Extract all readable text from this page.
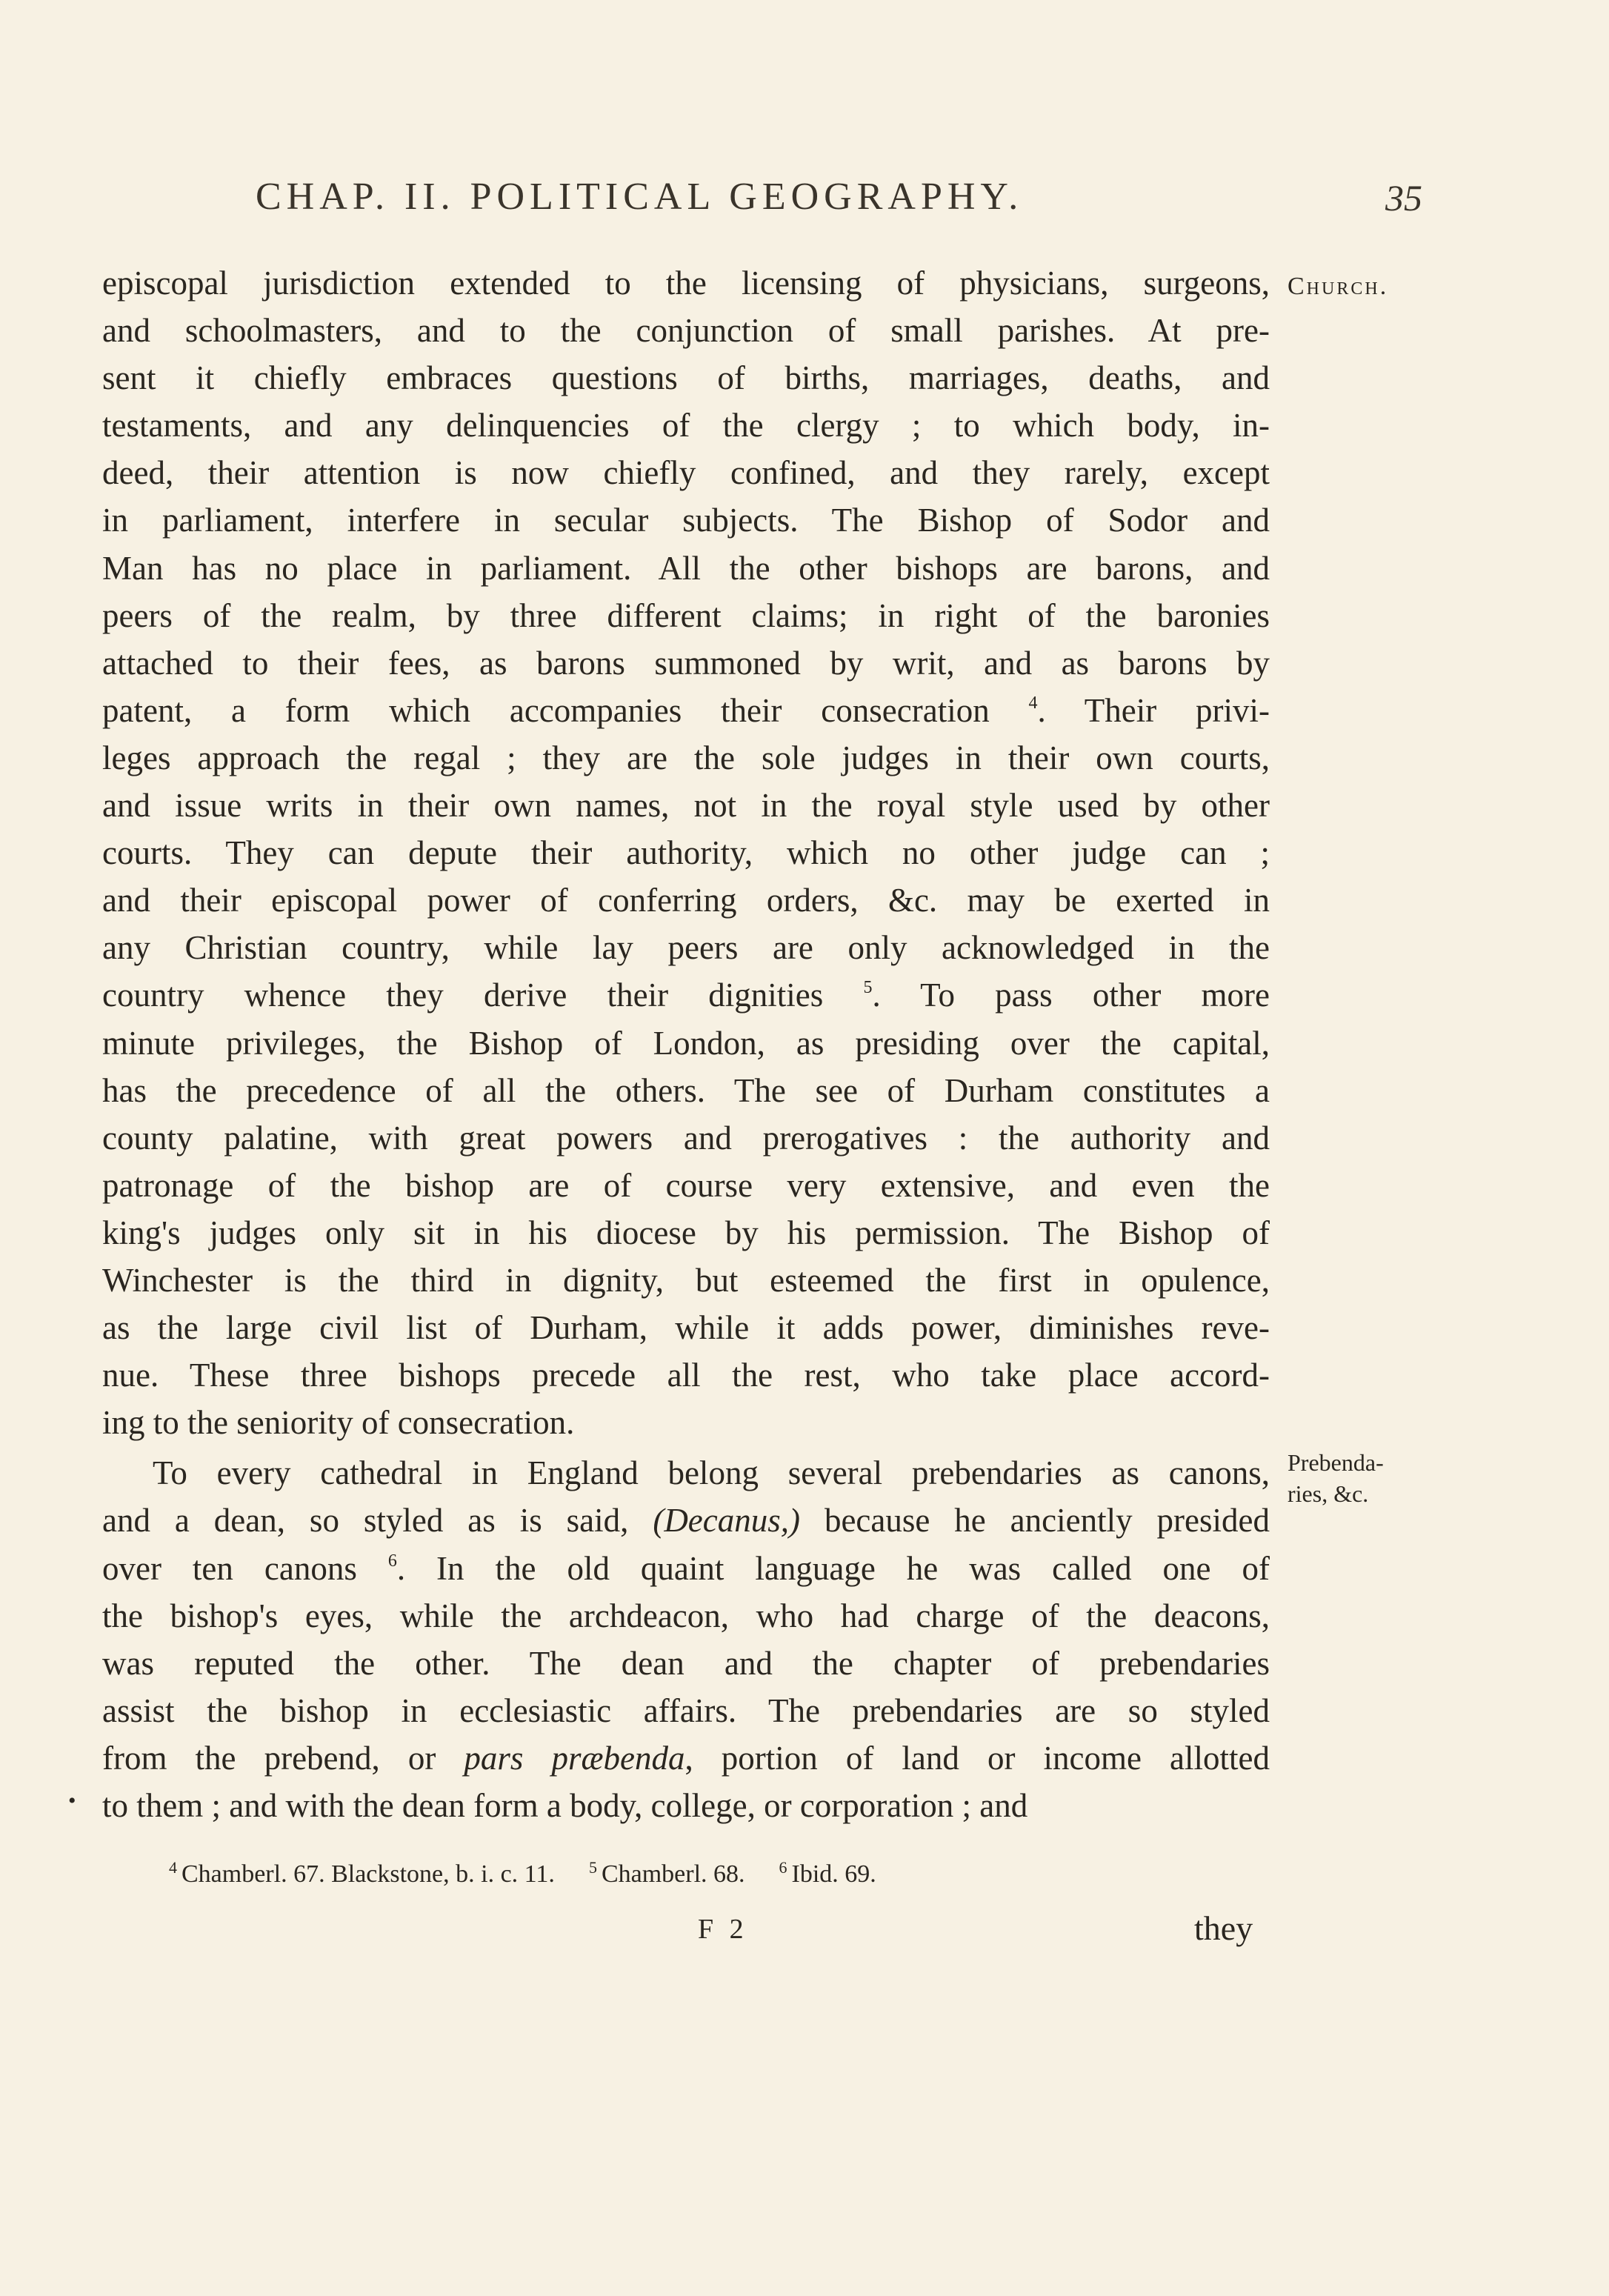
CHAP. II. POLITICAL GEOGRAPHY.	35
Church.
Prebenda-
ries, &c.
episcopal jurisdiction extended to the licensing of physicians, surgeons,
and schoolmasters, and to the conjunction of small parishes. At pre-
sent it chiefly embraces questions of births, marriages, deaths, and
testaments, and any delinquencies of the clergy ; to which body, in-
deed, their attention is now chiefly confined, and they rarely, except
in parliament, interfere in secular subjects. The Bishop of Sodor and
Man has no place in parliament. All the other bishops are barons, and
peers of the realm, by three different claims; in right of the baronies
attached to their fees, as barons summoned by writ, and as barons by
patent, a form which accompanies their consecration $^4$. Their privi-
leges approach the regal ; they are the sole judges in their own courts,
and issue writs in their own names, not in the royal style used by other
courts. They can depute their authority, which no other judge can ;
and their episcopal power of conferring orders, &c. may be exerted in
any Christian country, while lay peers are only acknowledged in the
country whence they derive their dignities $^5$. To pass other more
minute privileges, the Bishop of London, as presiding over the capital,
has the precedence of all the others. The see of Durham constitutes a
county palatine, with great powers and prerogatives : the authority and
patronage of the bishop are of course very extensive, and even the
king's judges only sit in his diocese by his permission. The Bishop of
Winchester is the third in dignity, but esteemed the first in opulence,
as the large civil list of Durham, while it adds power, diminishes reve-
nue. These three bishops precede all the rest, who take place accord-
ing to the seniority of consecration.
To every cathedral in England belong several prebendaries as canons,
and a dean, so styled as is said, (Decanus,) because he anciently presided
over ten canons $^6$. In the old quaint language he was called one of
the bishop's eyes, while the archdeacon, who had charge of the deacons,
was reputed the other. The dean and the chapter of prebendaries
assist the bishop in ecclesiastic affairs. The prebendaries are so styled
from the prebend, or pars præbenda, portion of land or income allotted
to them ; and with the dean form a body, college, or corporation ; and
•
$^4$ Chamberl. 67. Blackstone, b. i. c. 11. $^5$ Chamberl. 68. $^6$ Ibid. 69.
F 2	they
